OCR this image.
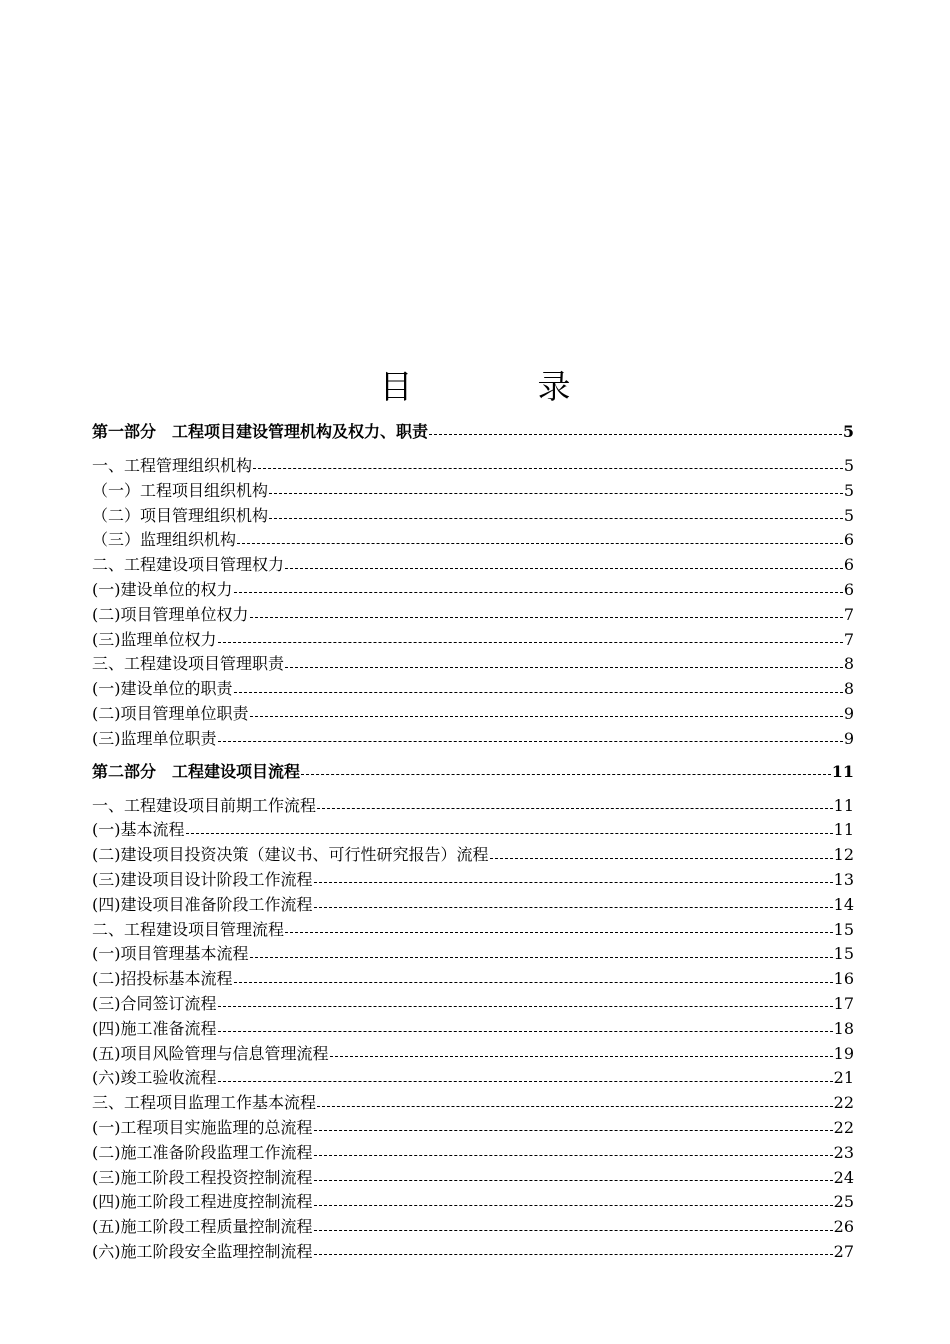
目　录
第一部分　工程项目建设管理机构及权力、职责	5
一、工程管理组织机构	5
（一）工程项目组织机构	5
（二）项目管理组织机构	5
（三）监理组织机构	6
二、工程建设项目管理权力	6
(一)建设单位的权力	6
(二)项目管理单位权力	7
(三)监理单位权力	7
三、工程建设项目管理职责	8
(一)建设单位的职责	8
(二)项目管理单位职责	9
(三)监理单位职责	9
第二部分　工程建设项目流程	11
一、工程建设项目前期工作流程	11
(一)基本流程	11
(二)建设项目投资决策（建议书、可行性研究报告）流程	12
(三)建设项目设计阶段工作流程	13
(四)建设项目准备阶段工作流程	14
二、工程建设项目管理流程	15
(一)项目管理基本流程	15
(二)招投标基本流程	16
(三)合同签订流程	17
(四)施工准备流程	18
(五)项目风险管理与信息管理流程	19
(六)竣工验收流程	21
三、工程项目监理工作基本流程	22
(一)工程项目实施监理的总流程	22
(二)施工准备阶段监理工作流程	23
(三)施工阶段工程投资控制流程	24
(四)施工阶段工程进度控制流程	25
(五)施工阶段工程质量控制流程	26
(六)施工阶段安全监理控制流程	27
